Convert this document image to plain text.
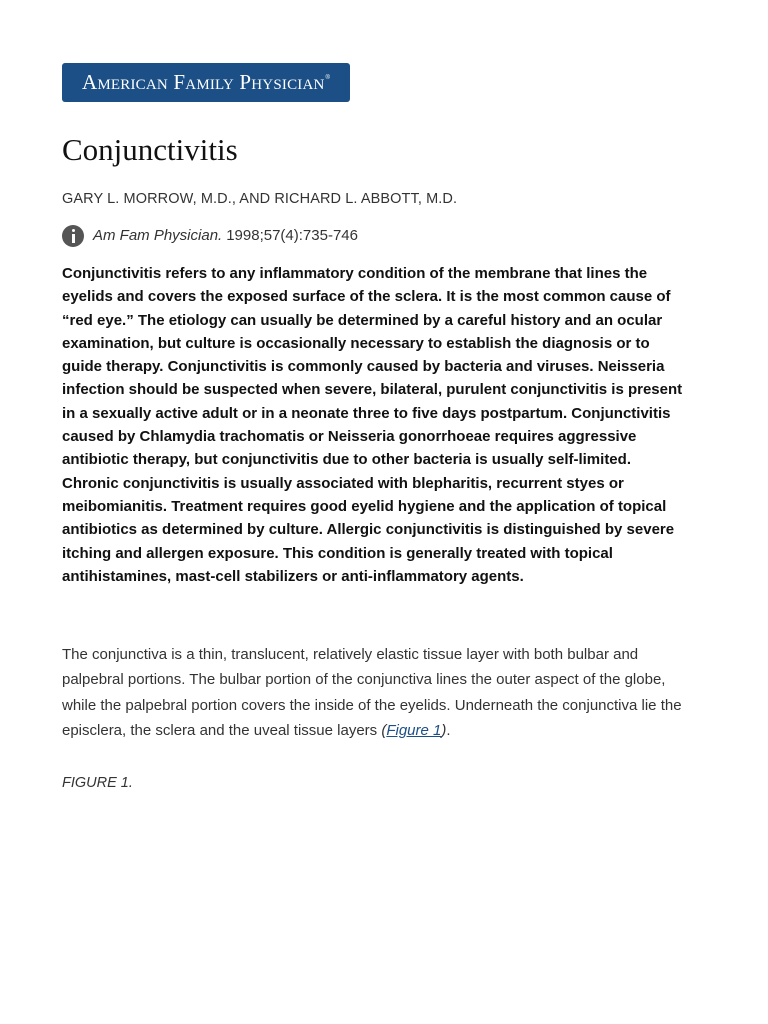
American Family Physician ®
Conjunctivitis
GARY L. MORROW, M.D., AND RICHARD L. ABBOTT, M.D.
Am Fam Physician. 1998;57(4):735-746

Conjunctivitis refers to any inflammatory condition of the membrane that lines the eyelids and covers the exposed surface of the sclera. It is the most common cause of “red eye.” The etiology can usually be determined by a careful history and an ocular examination, but culture is occasionally necessary to establish the diagnosis or to guide therapy. Conjunctivitis is commonly caused by bacteria and viruses. Neisseria infection should be suspected when severe, bilateral, purulent conjunctivitis is present in a sexually active adult or in a neonate three to five days postpartum. Conjunctivitis caused by Chlamydia trachomatis or Neisseria gonorrhoeae requires aggressive antibiotic therapy, but conjunctivitis due to other bacteria is usually self-limited. Chronic conjunctivitis is usually associated with blepharitis, recurrent styes or meibomianitis. Treatment requires good eyelid hygiene and the application of topical antibiotics as determined by culture. Allergic conjunctivitis is distinguished by severe itching and allergen exposure. This condition is generally treated with topical antihistamines, mast-cell stabilizers or anti-inflammatory agents.

The conjunctiva is a thin, translucent, relatively elastic tissue layer with both bulbar and palpebral portions. The bulbar portion of the conjunctiva lines the outer aspect of the globe, while the palpebral portion covers the inside of the eyelids. Underneath the conjunctiva lie the episclera, the sclera and the uveal tissue layers (Figure 1).

FIGURE 1.
